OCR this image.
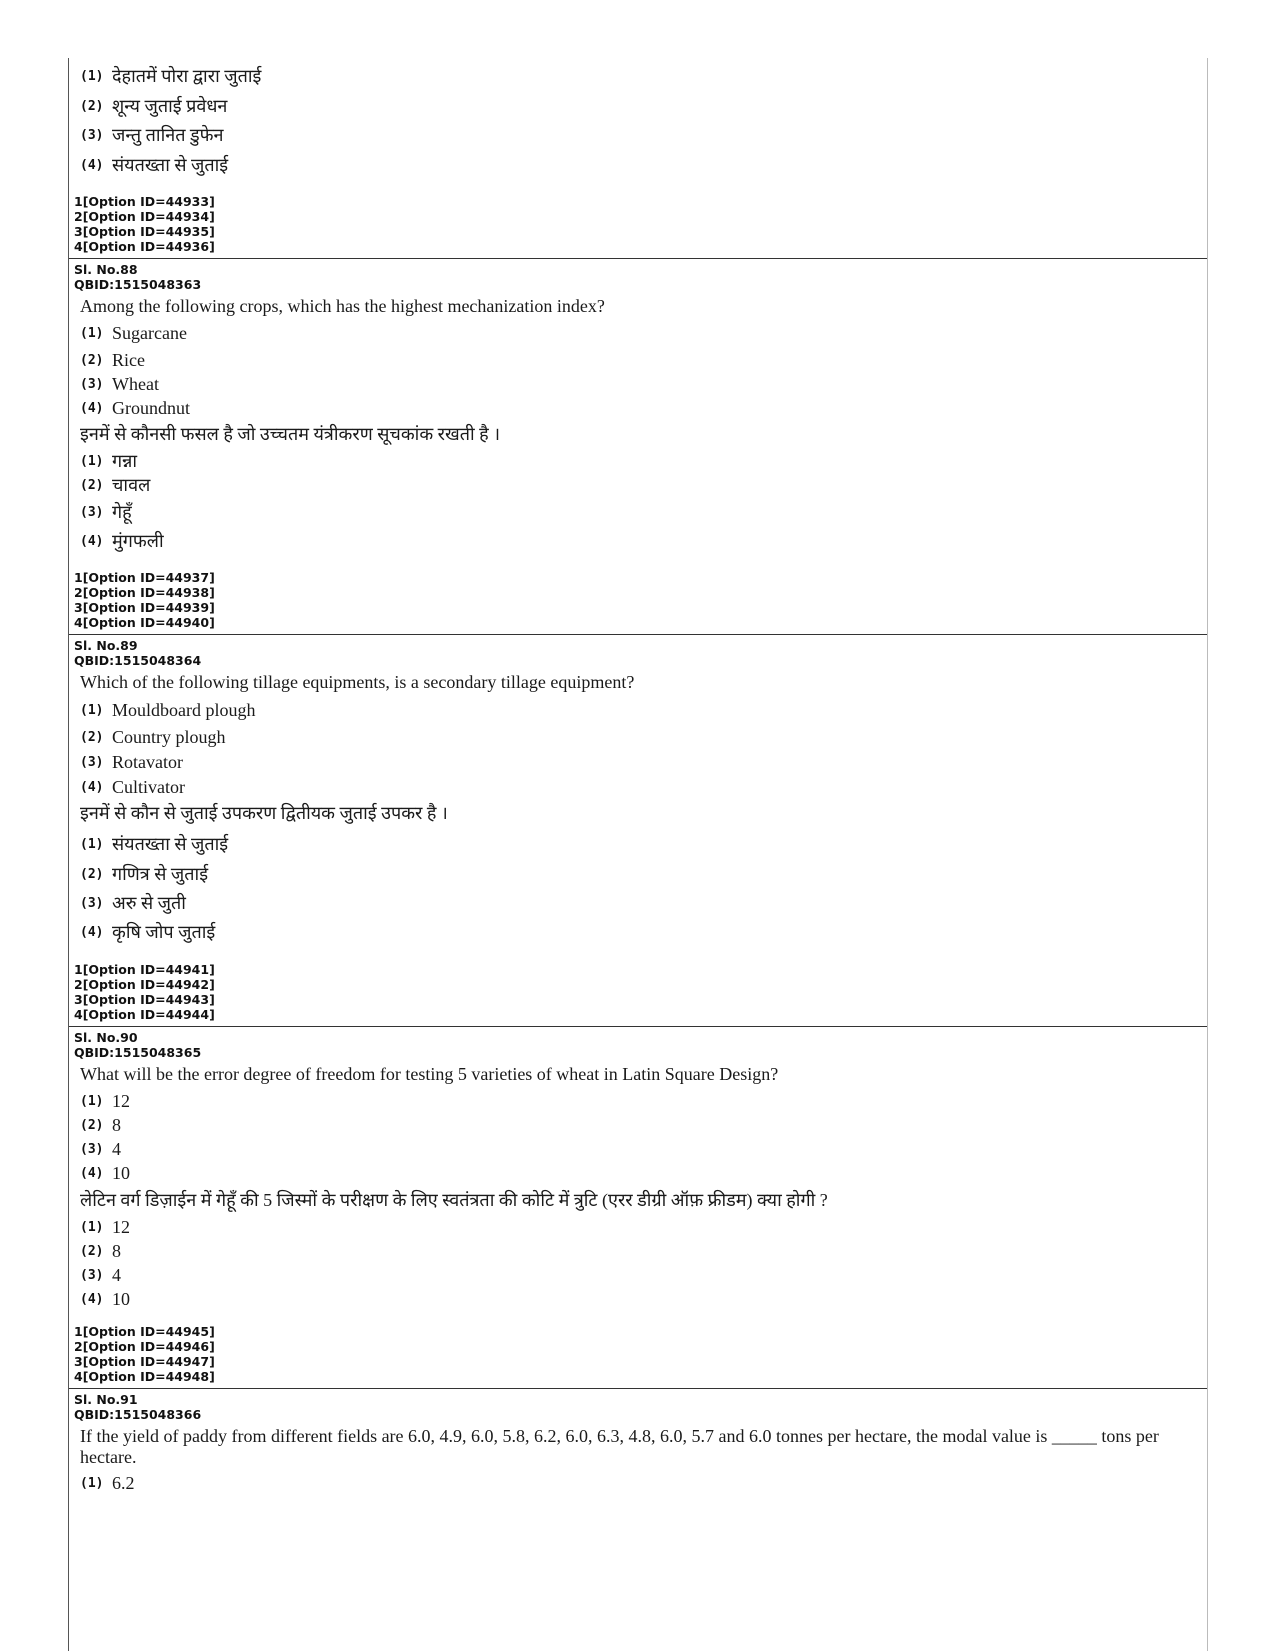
(1) देहातमें पोरा द्वारा जुताई
(2) शून्य जुताई प्रवेधन
(3) जन्तु तानित डुफेन
(4) संयतख्ता से जुताई
1[Option ID=44933]
2[Option ID=44934]
3[Option ID=44935]
4[Option ID=44936]
Sl. No.88
QBID:1515048363
Among the following crops, which has the highest mechanization index?
(1) Sugarcane
(2) Rice
(3) Wheat
(4) Groundnut
इनमें से कौनसी फसल है जो उच्चतम यंत्रीकरण सूचकांक रखती है ।
(1) गन्ना
(2) चावल
(3) गेहूँ
(4) मुंगफली
1[Option ID=44937]
2[Option ID=44938]
3[Option ID=44939]
4[Option ID=44940]
Sl. No.89
QBID:1515048364
Which of the following tillage equipments, is a secondary tillage equipment?
(1) Mouldboard plough
(2) Country plough
(3) Rotavator
(4) Cultivator
इनमें से कौन से जुताई उपकरण द्वितीयक जुताई उपकर है ।
(1) संयतख्ता से जुताई
(2) गणित्र से जुताई
(3) अरु से जुती
(4) कृषि जोप जुताई
1[Option ID=44941]
2[Option ID=44942]
3[Option ID=44943]
4[Option ID=44944]
Sl. No.90
QBID:1515048365
What will be the error degree of freedom for testing 5 varieties of wheat in Latin Square Design?
(1) 12
(2) 8
(3) 4
(4) 10
लेटिन वर्ग डिज़ाईन में गेहूँ की 5 जिस्मों के परीक्षण के लिए स्वतंत्रता की कोटि में त्रुटि (एरर डीग्री ऑफ़ फ्रीडम) क्या होगी ?
(1) 12
(2) 8
(3) 4
(4) 10
1[Option ID=44945]
2[Option ID=44946]
3[Option ID=44947]
4[Option ID=44948]
Sl. No.91
QBID:1515048366
If the yield of paddy from different fields are 6.0, 4.9, 6.0, 5.8, 6.2, 6.0, 6.3, 4.8, 6.0, 5.7 and 6.0 tonnes per hectare, the modal value is _____ tons per hectare.
(1) 6.2
